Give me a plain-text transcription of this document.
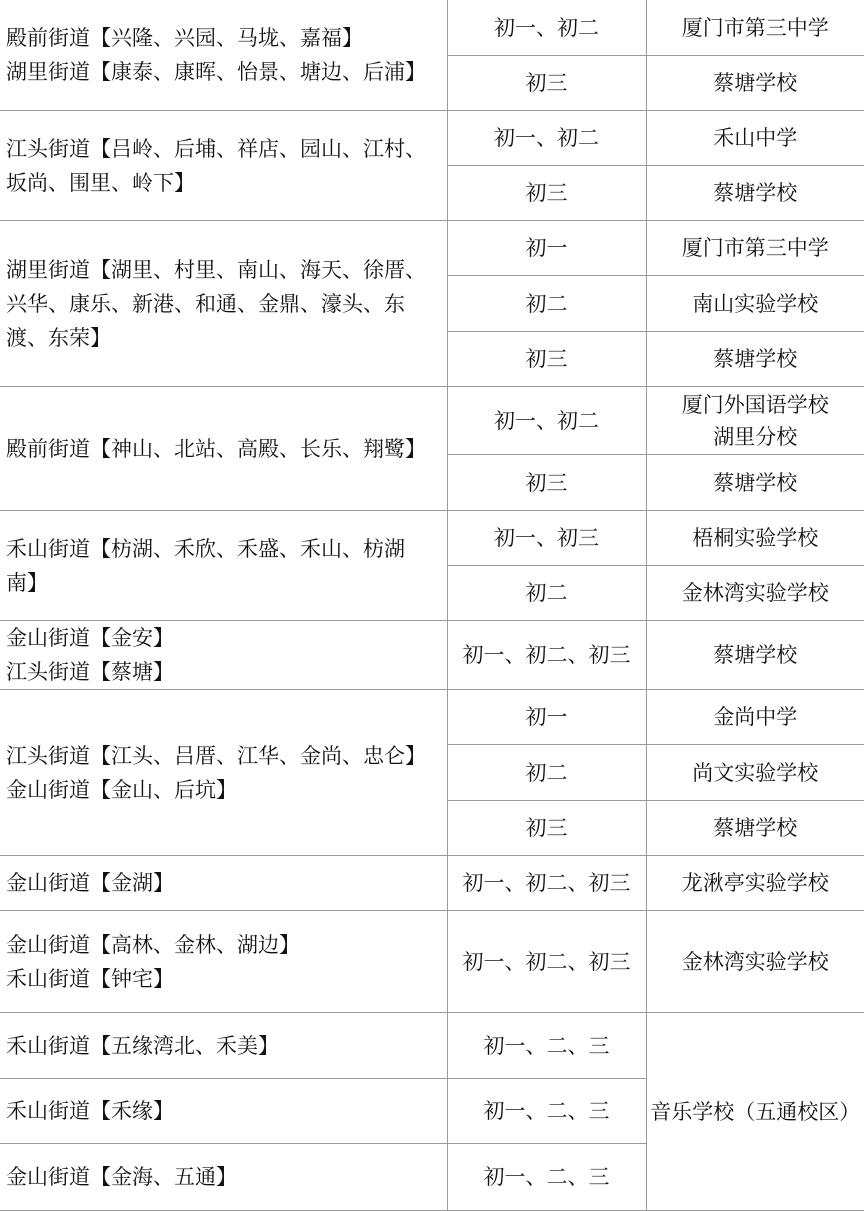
殿前街道【兴隆、兴园、马垅、嘉福】
湖里街道【康泰、康晖、怡景、塘边、后浦】	初一、初二	厦门市第三中学

	初三	蔡塘学校

江头街道【吕岭、后埔、祥店、园山、江村、
坂尚、围里、岭下】	初一、初二	禾山中学

	初三	蔡塘学校

湖里街道【湖里、村里、南山、海天、徐厝、
兴华、康乐、新港、和通、金鼎、濠头、东
渡、东荣】	初一	厦门市第三中学

	初二	南山实验学校

	初三	蔡塘学校

殿前街道【神山、北站、高殿、长乐、翔鹭】	初一、初二	厦门外国语学校
湖里分校

	初三	蔡塘学校

禾山街道【枋湖、禾欣、禾盛、禾山、枋湖
南】	初一、初三	梧桐实验学校

	初二	金林湾实验学校

金山街道【金安】
江头街道【蔡塘】	初一、初二、初三	蔡塘学校

江头街道【江头、吕厝、江华、金尚、忠仑】
金山街道【金山、后坑】	初一	金尚中学

	初二	尚文实验学校

	初三	蔡塘学校

金山街道【金湖】	初一、初二、初三	龙湫亭实验学校

金山街道【高林、金林、湖边】
禾山街道【钟宅】	初一、初二、初三	金林湾实验学校

禾山街道【五缘湾北、禾美】	初一、二、三	音乐学校（五通校区）
禾山街道【禾缘】	初一、二、三	
金山街道【金海、五通】	初一、二、三	
